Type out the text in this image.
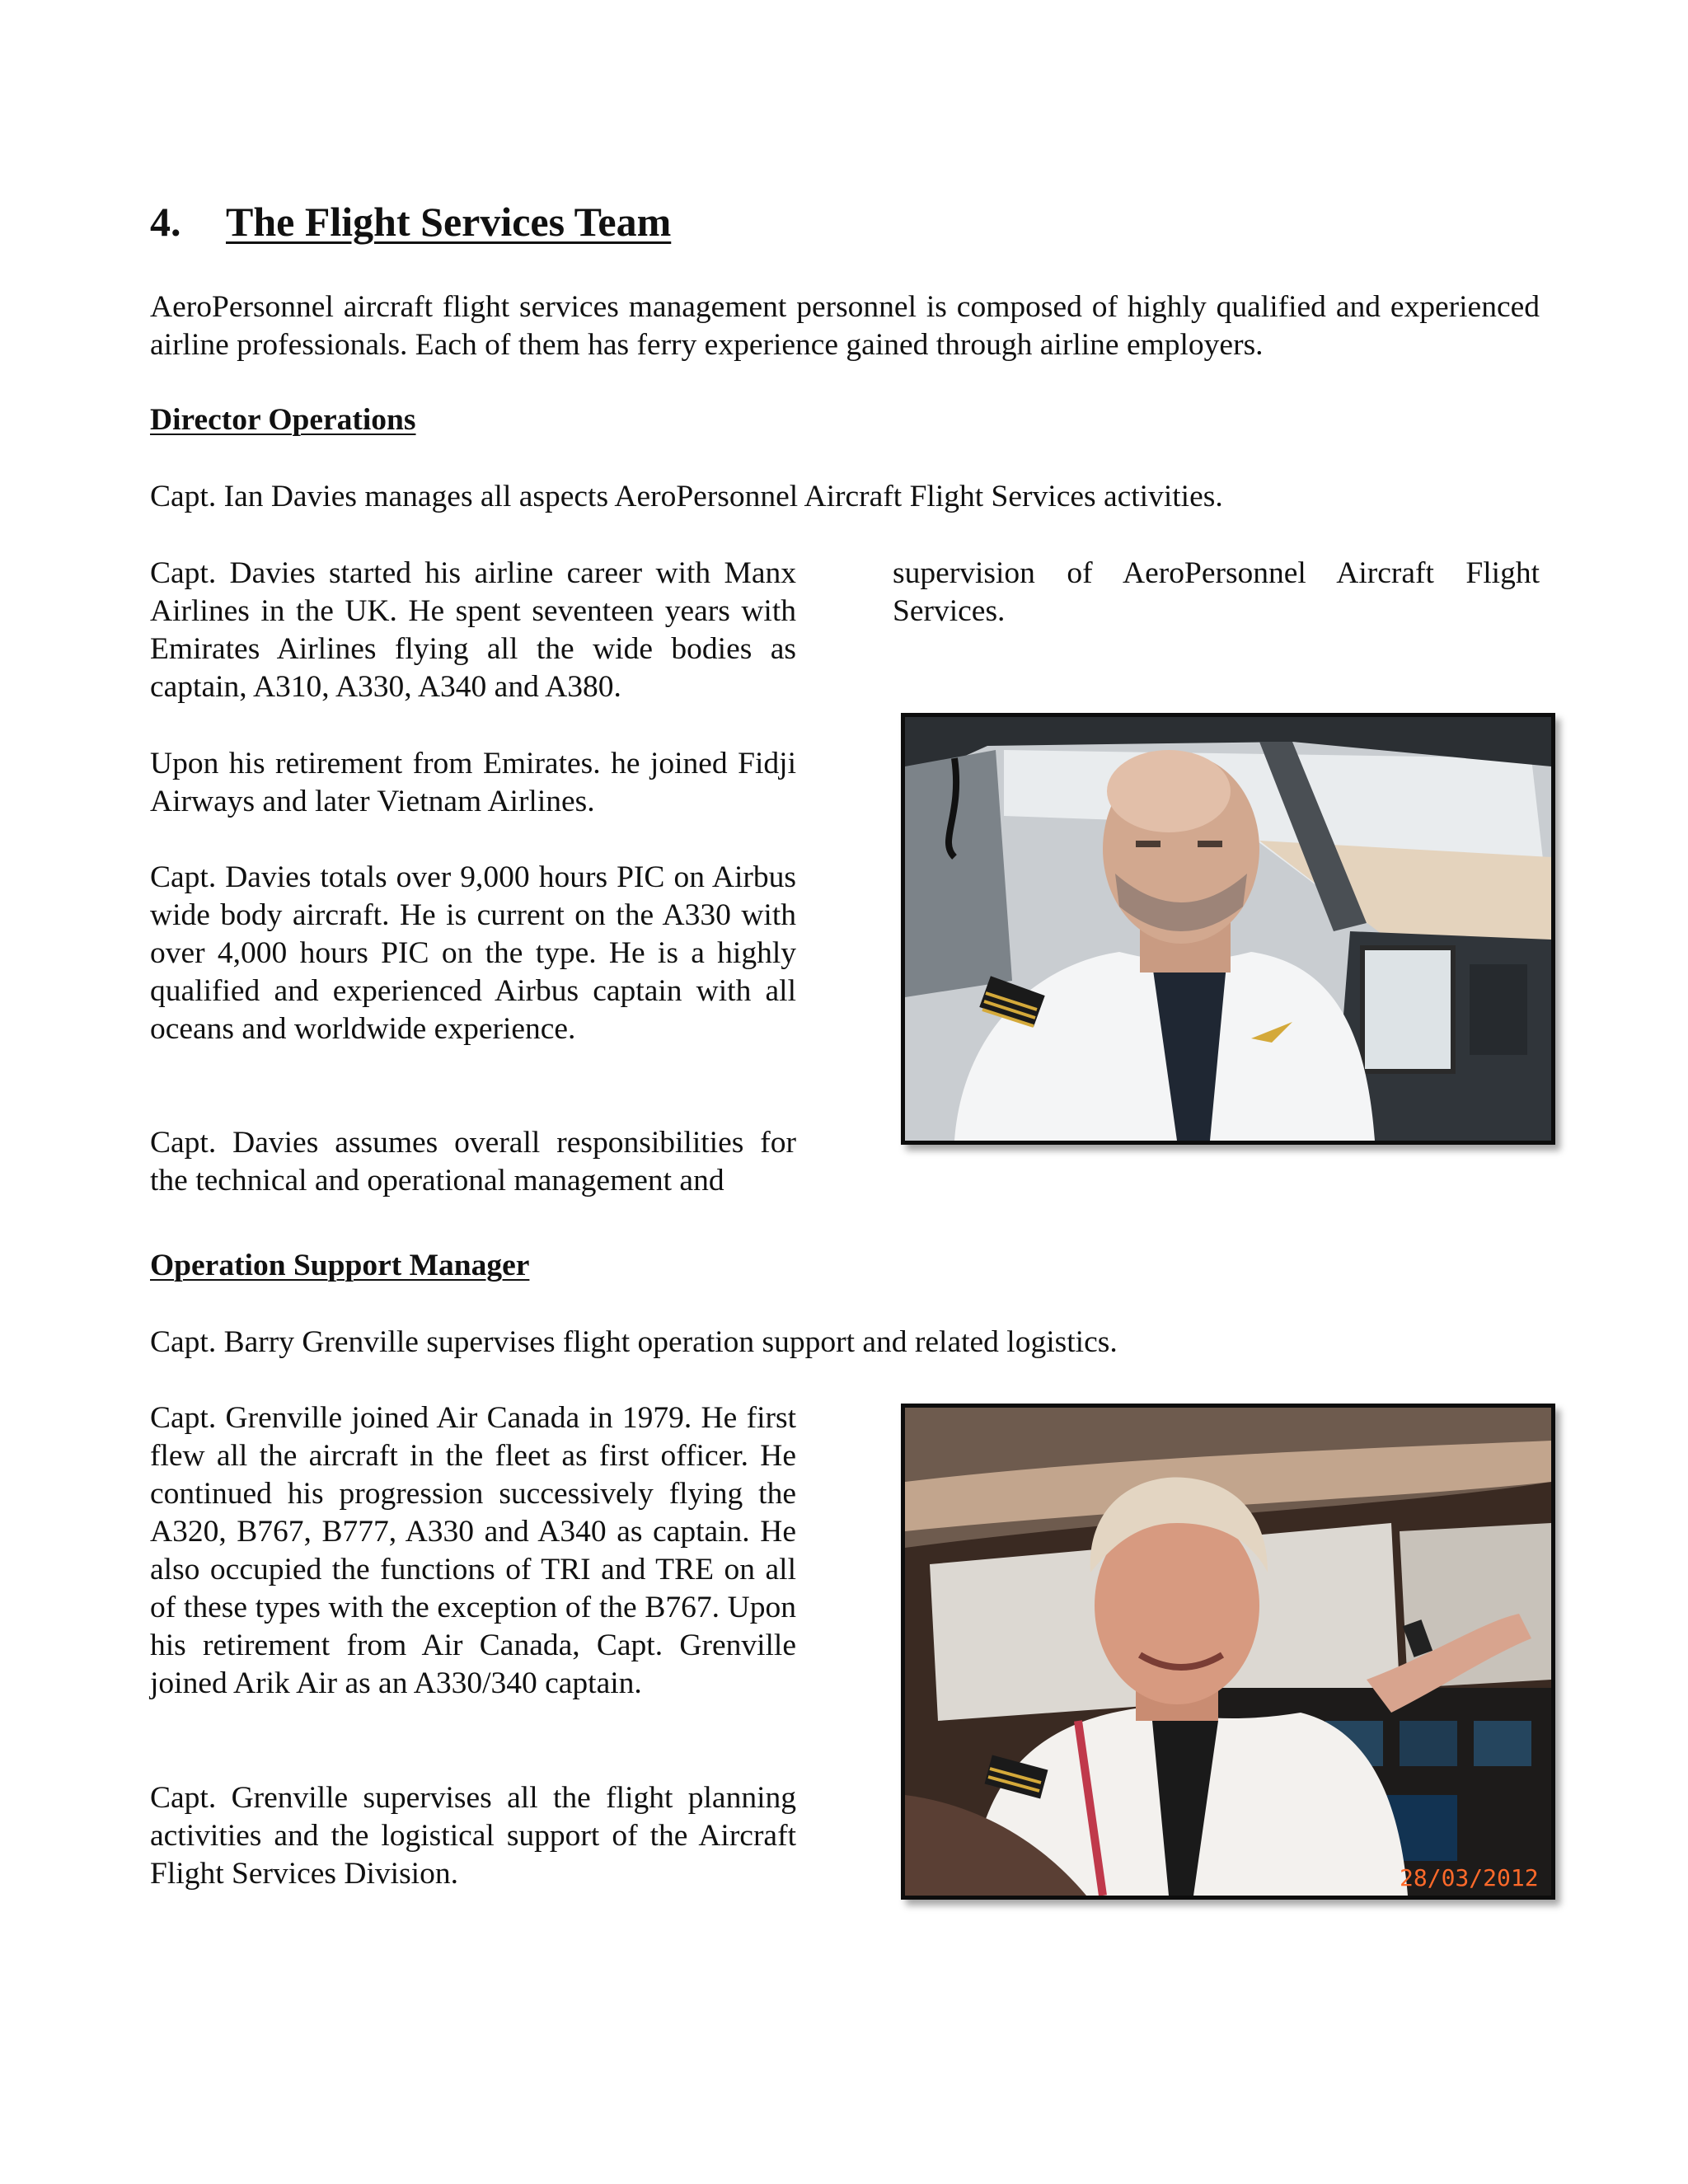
4. The Flight Services Team

AeroPersonnel aircraft flight services management personnel is composed of highly qualified and experienced airline professionals. Each of them has ferry experience gained through airline employers.

Director Operations

Capt. Ian Davies manages all aspects AeroPersonnel Aircraft Flight Services activities.

Capt. Davies started his airline career with Manx Airlines in the UK. He spent seventeen years with Emirates Airlines flying all the wide bodies as captain, A310, A330, A340 and A380.

Upon his retirement from Emirates. he joined Fidji Airways and later Vietnam Airlines.

Capt. Davies totals over 9,000 hours PIC on Airbus wide body aircraft. He is current on the A330 with over 4,000 hours PIC on the type. He is a highly qualified and experienced Airbus captain with all oceans and worldwide experience.

Capt. Davies assumes overall responsibilities for the technical and operational management and

supervision of AeroPersonnel Aircraft Flight Services.

Operation Support Manager

Capt. Barry Grenville supervises flight operation support and related logistics.

Capt. Grenville joined Air Canada in 1979. He first flew all the aircraft in the fleet as first officer. He continued his progression successively flying the A320, B767, B777, A330 and A340 as captain. He also occupied the functions of TRI and TRE on all of these types with the exception of the B767. Upon his retirement from Air Canada, Capt. Grenville joined Arik Air as an A330/340 captain.

Capt. Grenville supervises all the flight planning activities and the logistical support of the Aircraft Flight Services Division.	28/03/2012
